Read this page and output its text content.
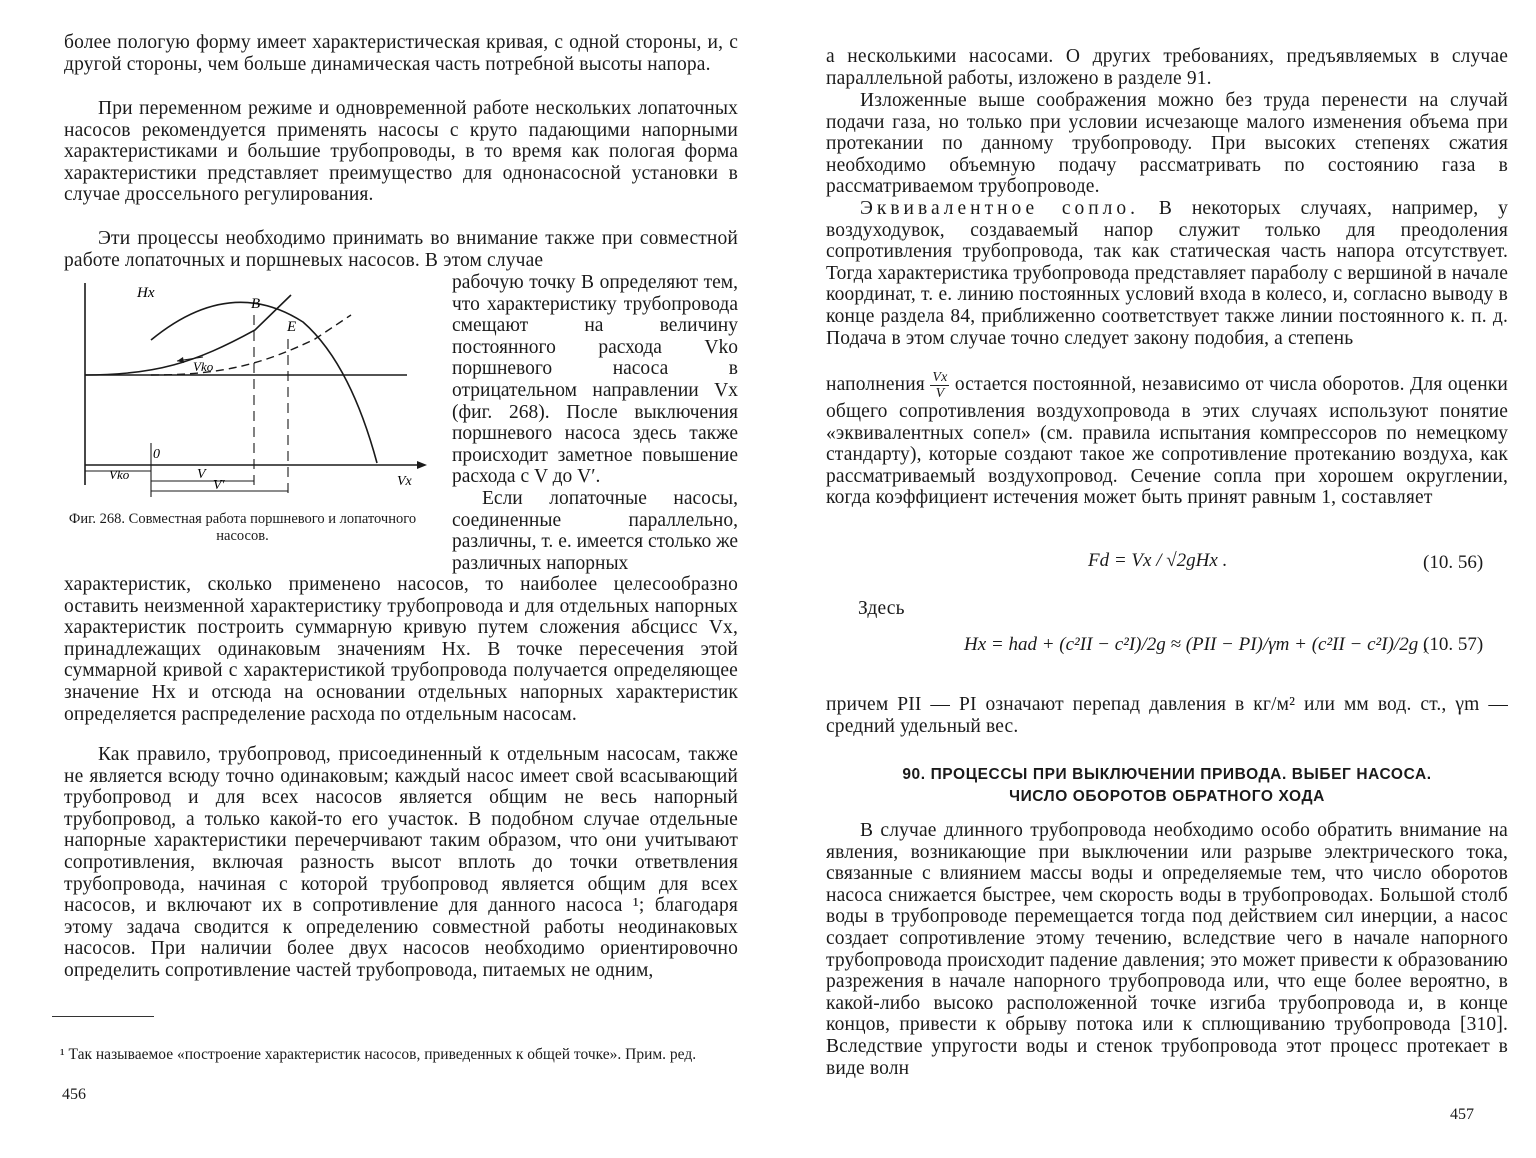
более пологую форму имеет характеристическая кривая, с одной стороны, и, с другой стороны, чем больше динамическая часть потребной высоты напора.

При переменном режиме и одновременной работе нескольких лопаточных насосов рекомендуется применять насосы с круто падающими напорными характеристиками и большие трубопроводы, в то время как пологая форма характеристики представляет преимущество для однонасосной установки в случае дроссельного регулирования.

Эти процессы необходимо принимать во внимание также при совместной работе лопаточных и поршневых насосов. В этом случае

Hx
B
E
Vko
0
Vx
Vko	V
V′

Фиг. 268. Совместная работа поршневого и лопаточного насосов.

рабочую точку B определяют тем, что характеристику трубопровода смещают на величину постоянного расхода Vko поршневого насоса в отрицательном направлении Vx (фиг. 268). После выключения поршневого насоса здесь также происходит заметное повышение расхода с V до V′.

Если лопаточные насосы, соединенные параллельно, различны, т. е. имеется столько же различных напорных

характеристик, сколько применено насосов, то наиболее целесообразно оставить неизменной характеристику трубопровода и для отдельных напорных характеристик построить суммарную кривую путем сложения абсцисс Vx, принадлежащих одинаковым значениям Hx. В точке пересечения этой суммарной кривой с характеристикой трубопровода получается определяющее значение Hx и отсюда на основании отдельных напорных характеристик определяется распределение расхода по отдельным насосам.

Как правило, трубопровод, присоединенный к отдельным насосам, также не является всюду точно одинаковым; каждый насос имеет свой всасывающий трубопровод и для всех насосов является общим не весь напорный трубопровод, а только какой-то его участок. В подобном случае отдельные напорные характеристики перечерчивают таким образом, что они учитывают сопротивления, включая разность высот вплоть до точки ответвления трубопровода, начиная с которой трубопровод является общим для всех насосов, и включают их в сопротивление для данного насоса ¹; благодаря этому задача сводится к определению совместной работы неодинаковых насосов. При наличии более двух насосов необходимо ориентировочно определить сопротивление частей трубопровода, питаемых не одним,

¹ Так называемое «построение характеристик насосов, приведенных к общей точке». Прим. ред.

456

а несколькими насосами. О других требованиях, предъявляемых в случае параллельной работы, изложено в разделе 91.

Изложенные выше соображения можно без труда перенести на случай подачи газа, но только при условии исчезающе малого изменения объема при протекании по данному трубопроводу. При высоких степенях сжатия необходимо объемную подачу рассматривать по состоянию газа в рассматриваемом трубопроводе.

Эквивалентное сопло. В некоторых случаях, например, у воздуходувок, создаваемый напор служит только для преодоления сопротивления трубопровода, так как статическая часть напора отсутствует. Тогда характеристика трубопровода представляет параболу с вершиной в начале координат, т. е. линию постоянных условий входа в колесо, и, согласно выводу в конце раздела 84, приближенно соответствует также линии постоянного к. п. д. Подача в этом случае точно следует закону подобия, а степень

наполнения $\frac{Vx}{V}$ остается постоянной, независимо от числа оборотов. Для оценки общего сопротивления воздухопровода в этих случаях используют понятие «эквивалентных сопел» (см. правила испытания компрессоров по немецкому стандарту), которые создают такое же сопротивление протеканию воздуха, как рассматриваемый воздухопровод. Сечение сопла при хорошем округлении, когда коэффициент истечения может быть принят равным 1, составляет

Fd = Vx / √2gHx .	(10. 56)
Здесь
Hx = had + (c²II − c²I)/2g ≈ (PII − PI)/γm + (c²II − c²I)/2g ,
(10. 57)

причем PII — PI означают перепад давления в кг/м² или мм вод. ст., γm — средний удельный вес.

90. ПРОЦЕССЫ ПРИ ВЫКЛЮЧЕНИИ ПРИВОДА. ВЫБЕГ НАСОСА.

ЧИСЛО ОБОРОТОВ ОБРАТНОГО ХОДА

В случае длинного трубопровода необходимо особо обратить внимание на явления, возникающие при выключении или разрыве электрического тока, связанные с влиянием массы воды и определяемые тем, что число оборотов насоса снижается быстрее, чем скорость воды в трубопроводах. Большой столб воды в трубопроводе перемещается тогда под действием сил инерции, а насос создает сопротивление этому течению, вследствие чего в начале напорного трубопровода происходит падение давления; это может привести к образованию разрежения в начале напорного трубопровода или, что еще более вероятно, в какой-либо высоко расположенной точке изгиба трубопровода и, в конце концов, привести к обрыву потока или к сплющиванию трубопровода [310]. Вследствие упругости воды и стенок трубопровода этот процесс протекает в виде волн

457
